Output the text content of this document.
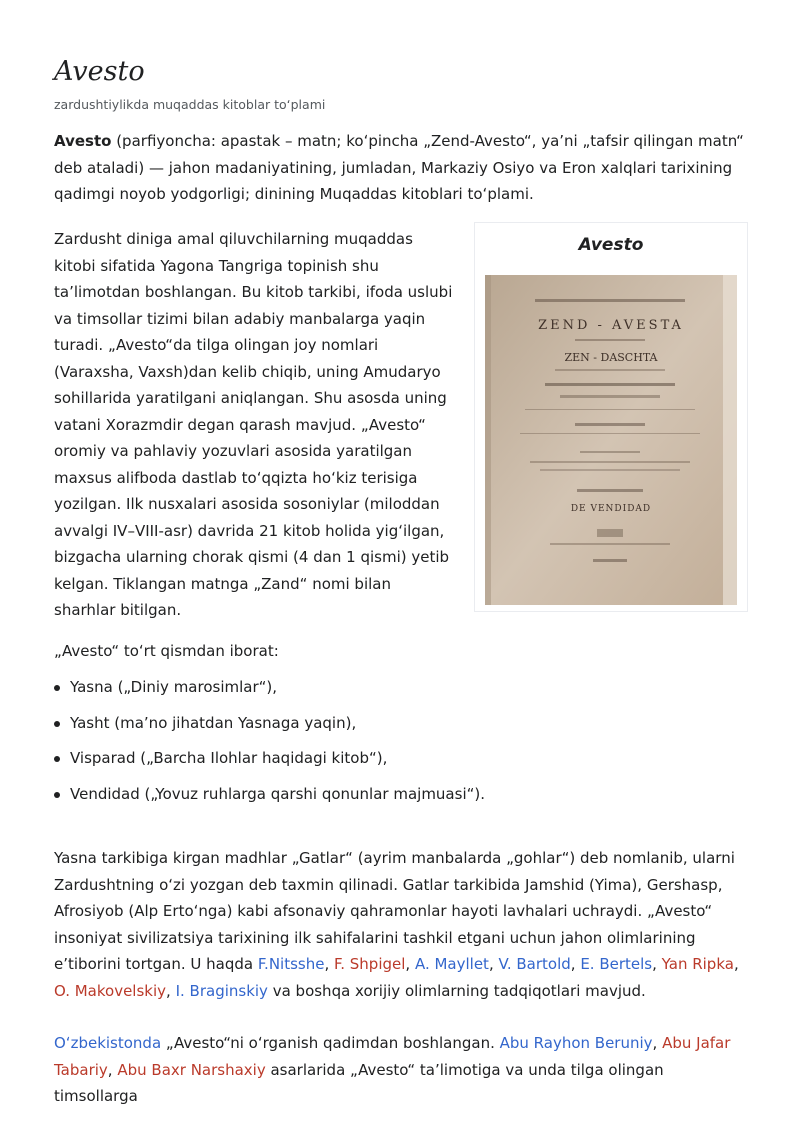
Avesto
zardushtiylikda muqaddas kitoblar toʻplami

Avesto (parfiyoncha: apastak – matn; koʻpincha „Zend-Avesto“, yaʼni „tafsir qilingan matn“ deb ataladi) — jahon madaniyatining, jumladan, Markaziy Osiyo va Eron xalqlari tarixining qadimgi noyob yodgorligi; dinining Muqaddas kitoblari toʻplami.

Zardusht diniga amal qiluvchilarning muqaddas kitobi sifatida Yagona Tangriga topinish shu taʼlimotdan boshlangan. Bu kitob tarkibi, ifoda uslubi va timsollar tizimi bilan adabiy manbalarga yaqin turadi. „Avesto“da tilga olingan joy nomlari (Varaxsha, Vaxsh)dan kelib chiqib, uning Amudaryo sohillarida yaratilgani aniqlangan. Shu asosda uning vatani Xorazmdir degan qarash mavjud. „Avesto“ oromiy va pahlaviy yozuvlari asosida yaratilgan maxsus alifboda dastlab toʻqqizta hoʻkiz terisiga yozilgan. Ilk nusxalari asosida sosoniylar (miloddan avvalgi IV–VIII-asr) davrida 21 kitob holida yigʻilgan, bizgacha ularning chorak qismi (4 dan 1 qismi) yetib kelgan. Tiklangan matnga „Zand“ nomi bilan sharhlar bitilgan.

Avesto
ZEND - AVESTA
ZEN - DASCHTA
DE VENDIDAD

„Avesto“ toʻrt qismdan iborat:

Yasna („Diniy marosimlar“),
Yasht (maʼno jihatdan Yasnaga yaqin),
Visparad („Barcha Ilohlar haqidagi kitob“),
Vendidad („Yovuz ruhlarga qarshi qonunlar majmuasi“).

Yasna tarkibiga kirgan madhlar „Gatlar“ (ayrim manbalarda „gohlar“) deb nomlanib, ularni Zardushtning oʻzi yozgan deb taxmin qilinadi. Gatlar tarkibida Jamshid (Yima), Gershasp, Afrosiyob (Alp Ertoʻnga) kabi afsonaviy qahramonlar hayoti lavhalari uchraydi. „Avesto“ insoniyat sivilizatsiya tarixining ilk sahifalarini tashkil etgani uchun jahon olimlarining eʼtiborini tortgan. U haqda F.Nitsshe, F. Shpigel, A. Mayllet, V. Bartold, E. Bertels, Yan Ripka, O. Makovelskiy, I. Braginskiy va boshqa xorijiy olimlarning tadqiqotlari mavjud.

Oʻzbekistonda „Avesto“ni oʻrganish qadimdan boshlangan. Abu Rayhon Beruniy, Abu Jafar Tabariy, Abu Baxr Narshaxiy asarlarida „Avesto“ taʼlimotiga va unda tilga olingan timsollarga
